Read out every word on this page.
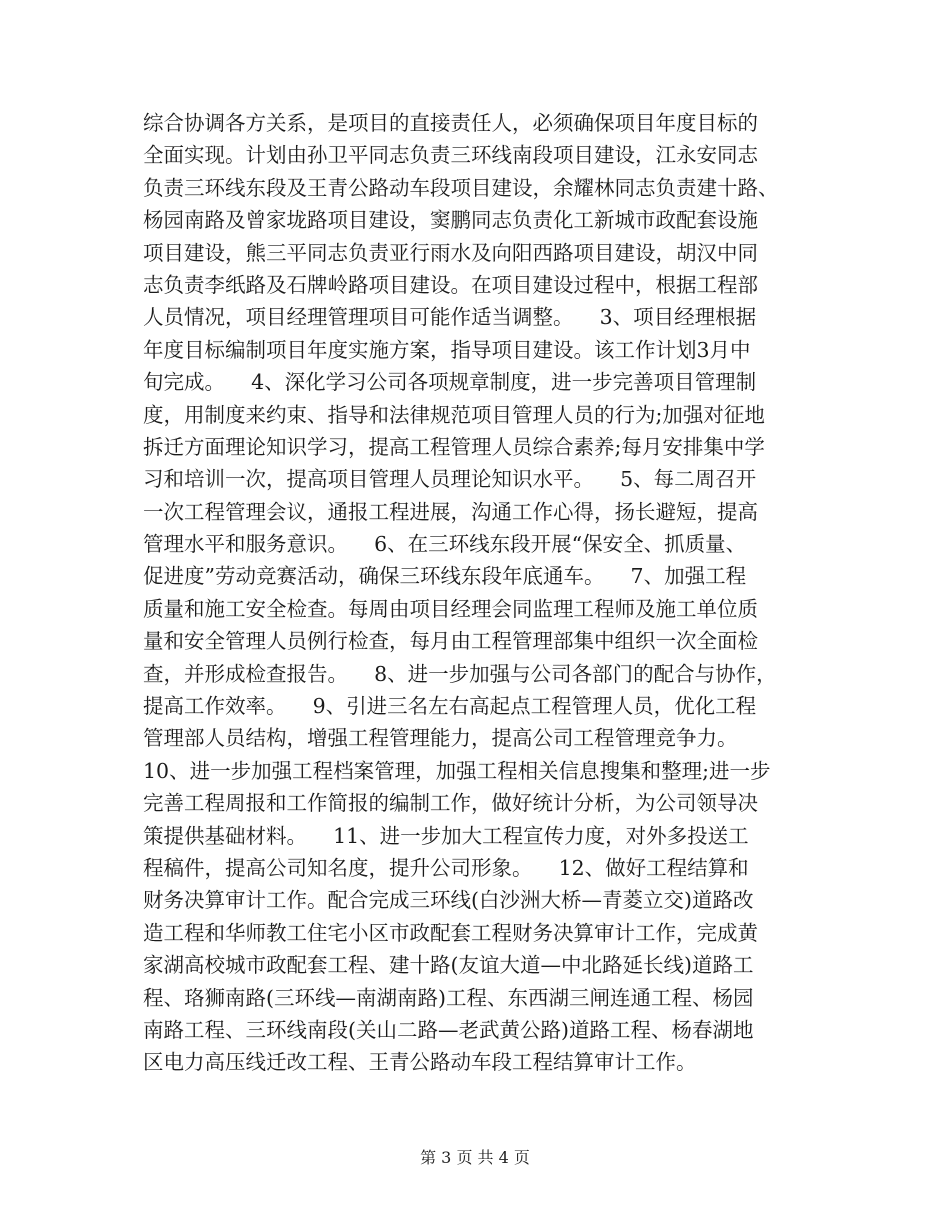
综合协调各方关系，是项目的直接责任人，必须确保项目年度目标的
全面实现。计划由孙卫平同志负责三环线南段项目建设，江永安同志
负责三环线东段及王青公路动车段项目建设，余耀林同志负责建十路、
杨园南路及曾家垅路项目建设，窦鹏同志负责化工新城市政配套设施
项目建设，熊三平同志负责亚行雨水及向阳西路项目建设，胡汉中同
志负责李纸路及石牌岭路项目建设。在项目建设过程中，根据工程部
人员情况，项目经理管理项目可能作适当调整。    3、项目经理根据
年度目标编制项目年度实施方案，指导项目建设。该工作计划3月中
旬完成。    4、深化学习公司各项规章制度，进一步完善项目管理制
度，用制度来约束、指导和法律规范项目管理人员的行为;加强对征地
拆迁方面理论知识学习，提高工程管理人员综合素养;每月安排集中学
习和培训一次，提高项目管理人员理论知识水平。    5、每二周召开
一次工程管理会议，通报工程进展，沟通工作心得，扬长避短，提高
管理水平和服务意识。    6、在三环线东段开展“保安全、抓质量、
促进度”劳动竞赛活动，确保三环线东段年底通车。    7、加强工程
质量和施工安全检查。每周由项目经理会同监理工程师及施工单位质
量和安全管理人员例行检查，每月由工程管理部集中组织一次全面检
查，并形成检查报告。    8、进一步加强与公司各部门的配合与协作，
提高工作效率。    9、引进三名左右高起点工程管理人员，优化工程
管理部人员结构，增强工程管理能力，提高公司工程管理竞争力。
10、进一步加强工程档案管理，加强工程相关信息搜集和整理;进一步
完善工程周报和工作简报的编制工作，做好统计分析，为公司领导决
策提供基础材料。    11、进一步加大工程宣传力度，对外多投送工
程稿件，提高公司知名度，提升公司形象。    12、做好工程结算和
财务决算审计工作。配合完成三环线(白沙洲大桥—青菱立交)道路改
造工程和华师教工住宅小区市政配套工程财务决算审计工作，完成黄
家湖高校城市政配套工程、建十路(友谊大道—中北路延长线)道路工
程、珞狮南路(三环线—南湖南路)工程、东西湖三闸连通工程、杨园
南路工程、三环线南段(关山二路—老武黄公路)道路工程、杨春湖地
区电力高压线迁改工程、王青公路动车段工程结算审计工作。
第 3 页 共 4 页
